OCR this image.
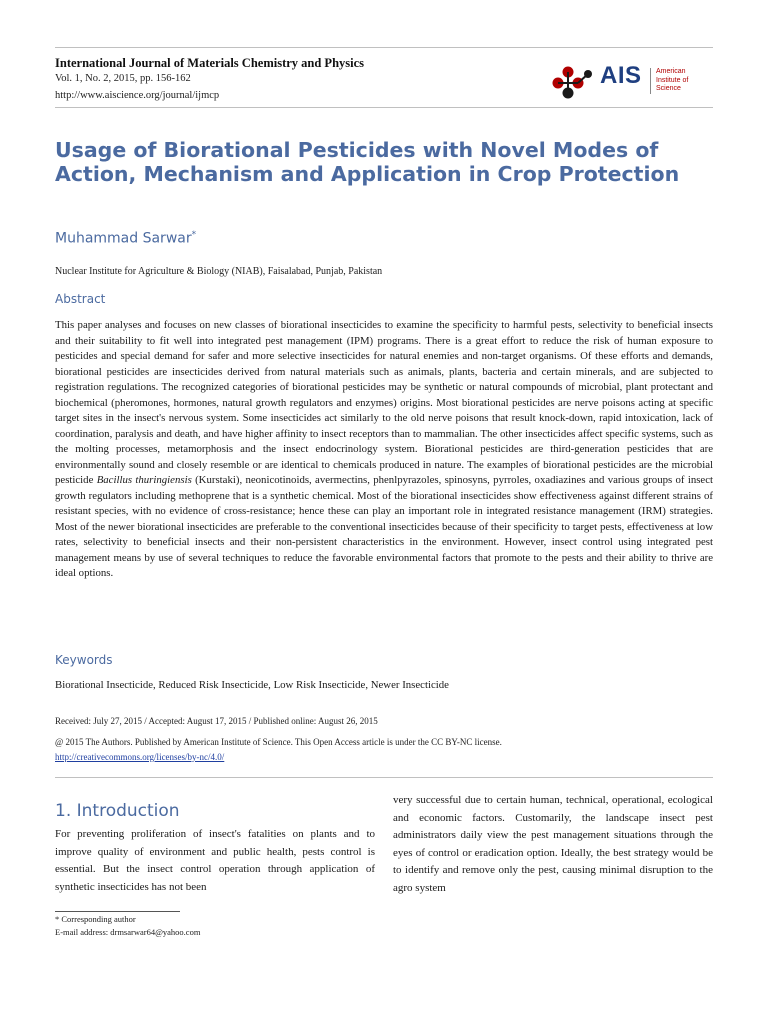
International Journal of Materials Chemistry and Physics
Vol. 1, No. 2, 2015, pp. 156-162
http://www.aiscience.org/journal/ijmcp
AIS American
Institute of
Science
Usage of Biorational Pesticides with Novel Modes of Action, Mechanism and Application in Crop Protection
Muhammad Sarwar*
Nuclear Institute for Agriculture & Biology (NIAB), Faisalabad, Punjab, Pakistan
Abstract
This paper analyses and focuses on new classes of biorational insecticides to examine the specificity to harmful pests, selectivity to beneficial insects and their suitability to fit well into integrated pest management (IPM) programs. There is a great effort to reduce the risk of human exposure to pesticides and special demand for safer and more selective insecticides for natural enemies and non-target organisms. Of these efforts and demands, biorational pesticides are insecticides derived from natural materials such as animals, plants, bacteria and certain minerals, and are subjected to registration regulations. The recognized categories of biorational pesticides may be synthetic or natural compounds of microbial, plant protectant and biochemical (pheromones, hormones, natural growth regulators and enzymes) origins. Most biorational pesticides are nerve poisons acting at specific target sites in the insect's nervous system. Some insecticides act similarly to the old nerve poisons that result knock-down, rapid intoxication, lack of coordination, paralysis and death, and have higher affinity to insect receptors than to mammalian. The other insecticides affect specific systems, such as the molting processes, metamorphosis and the insect endocrinology system. Biorational pesticides are third-generation pesticides that are environmentally sound and closely resemble or are identical to chemicals produced in nature. The examples of biorational pesticides are the microbial pesticide Bacillus thuringiensis (Kurstaki), neonicotinoids, avermectins, phenlpyrazoles, spinosyns, pyrroles, oxadiazines and various groups of insect growth regulators including methoprene that is a synthetic chemical. Most of the biorational insecticides show effectiveness against different strains of resistant species, with no evidence of cross-resistance; hence these can play an important role in integrated resistance management (IRM) strategies. Most of the newer biorational insecticides are preferable to the conventional insecticides because of their specificity to target pests, effectiveness at low rates, selectivity to beneficial insects and their non-persistent characteristics in the environment. However, insect control using integrated pest management means by use of several techniques to reduce the favorable environmental factors that promote to the pests and their ability to thrive are ideal options.
Keywords
Biorational Insecticide, Reduced Risk Insecticide, Low Risk Insecticide, Newer Insecticide
Received: July 27, 2015 / Accepted: August 17, 2015 / Published online: August 26, 2015
@ 2015 The Authors. Published by American Institute of Science. This Open Access article is under the CC BY-NC license.
http://creativecommons.org/licenses/by-nc/4.0/
1. Introduction
For preventing proliferation of insect's fatalities on plants and to improve quality of environment and public health, pests control is essential. But the insect control operation through application of synthetic insecticides has not been
very successful due to certain human, technical, operational, ecological and economic factors. Customarily, the landscape insect pest administrators daily view the pest management situations through the eyes of control or eradication option. Ideally, the best strategy would be to identify and remove only the pest, causing minimal disruption to the agro system
* Corresponding author
E-mail address: drmsarwar64@yahoo.com
